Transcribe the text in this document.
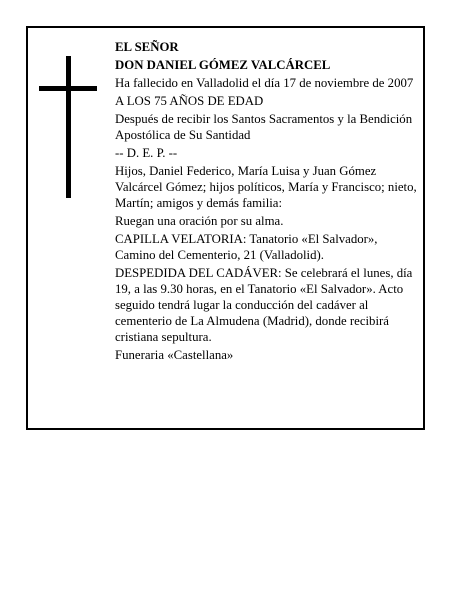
EL SEÑOR

DON DANIEL GÓMEZ VALCÁRCEL

Ha fallecido en Valladolid el día 17 de noviembre de 2007

A LOS 75 AÑOS DE EDAD

Después de recibir los Santos Sacramentos y la Bendición Apostólica de Su Santidad

-- D. E. P. --

Hijos, Daniel Federico, María Luisa y Juan Gómez Valcárcel Gómez; hijos políticos, María y Francisco; nieto, Martín; amigos y demás familia:

Ruegan una oración por su alma.

CAPILLA VELATORIA: Tanatorio «El Salvador», Camino del Cementerio, 21 (Valladolid).

DESPEDIDA DEL CADÁVER: Se celebrará el lunes, día 19, a las 9.30 horas, en el Tanatorio «El Salvador». Acto seguido tendrá lugar la conducción del cadáver al cementerio de La Almudena (Madrid), donde recibirá cristiana sepultura.

Funeraria «Castellana»
